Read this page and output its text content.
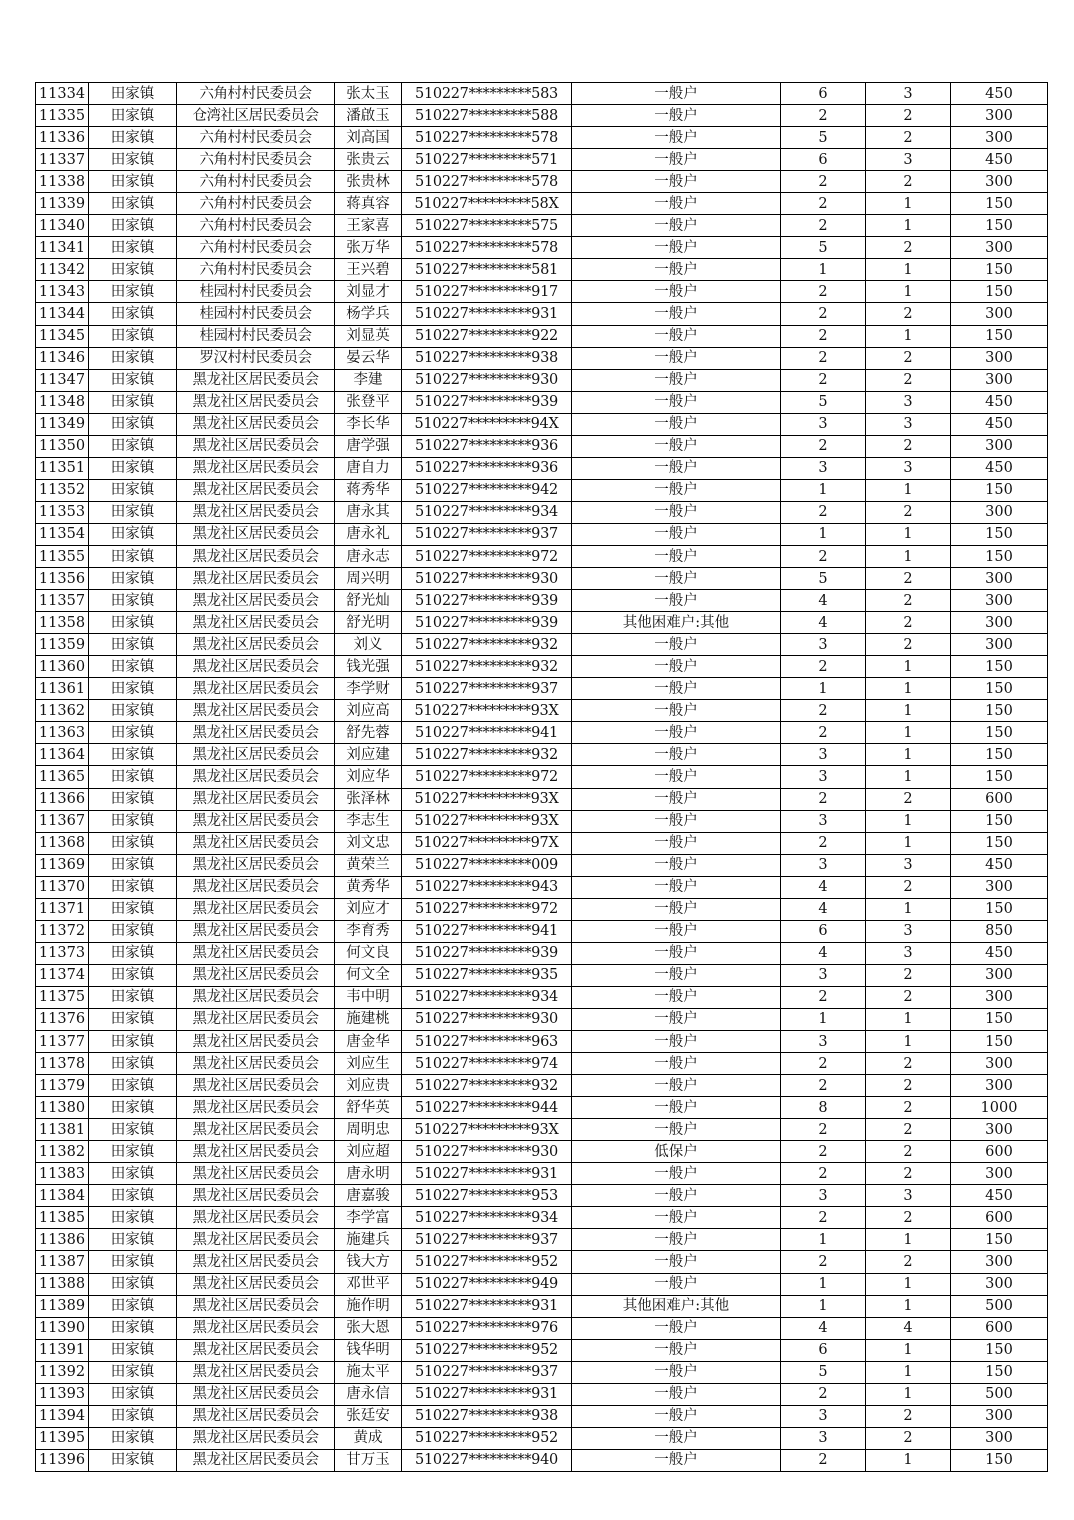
11334	田家镇	六角村村民委员会	张太玉	510227*********583	一般户	6	3	450
11335	田家镇	仓湾社区居民委员会	潘啟玉	510227*********588	一般户	2	2	300
11336	田家镇	六角村村民委员会	刘高国	510227*********578	一般户	5	2	300
11337	田家镇	六角村村民委员会	张贵云	510227*********571	一般户	6	3	450
11338	田家镇	六角村村民委员会	张贵林	510227*********578	一般户	2	2	300
11339	田家镇	六角村村民委员会	蒋真容	510227*********58X	一般户	2	1	150
11340	田家镇	六角村村民委员会	王家喜	510227*********575	一般户	2	1	150
11341	田家镇	六角村村民委员会	张万华	510227*********578	一般户	5	2	300
11342	田家镇	六角村村民委员会	王兴碧	510227*********581	一般户	1	1	150
11343	田家镇	桂园村村民委员会	刘显才	510227*********917	一般户	2	1	150
11344	田家镇	桂园村村民委员会	杨学兵	510227*********931	一般户	2	2	300
11345	田家镇	桂园村村民委员会	刘显英	510227*********922	一般户	2	1	150
11346	田家镇	罗汉村村民委员会	晏云华	510227*********938	一般户	2	2	300
11347	田家镇	黑龙社区居民委员会	李建	510227*********930	一般户	2	2	300
11348	田家镇	黑龙社区居民委员会	张登平	510227*********939	一般户	5	3	450
11349	田家镇	黑龙社区居民委员会	李长华	510227*********94X	一般户	3	3	450
11350	田家镇	黑龙社区居民委员会	唐学强	510227*********936	一般户	2	2	300
11351	田家镇	黑龙社区居民委员会	唐自力	510227*********936	一般户	3	3	450
11352	田家镇	黑龙社区居民委员会	蒋秀华	510227*********942	一般户	1	1	150
11353	田家镇	黑龙社区居民委员会	唐永其	510227*********934	一般户	2	2	300
11354	田家镇	黑龙社区居民委员会	唐永礼	510227*********937	一般户	1	1	150
11355	田家镇	黑龙社区居民委员会	唐永志	510227*********972	一般户	2	1	150
11356	田家镇	黑龙社区居民委员会	周兴明	510227*********930	一般户	5	2	300
11357	田家镇	黑龙社区居民委员会	舒光灿	510227*********939	一般户	4	2	300
11358	田家镇	黑龙社区居民委员会	舒光明	510227*********939	其他困难户:其他	4	2	300
11359	田家镇	黑龙社区居民委员会	刘义	510227*********932	一般户	3	2	300
11360	田家镇	黑龙社区居民委员会	钱光强	510227*********932	一般户	2	1	150
11361	田家镇	黑龙社区居民委员会	李学财	510227*********937	一般户	1	1	150
11362	田家镇	黑龙社区居民委员会	刘应高	510227*********93X	一般户	2	1	150
11363	田家镇	黑龙社区居民委员会	舒先蓉	510227*********941	一般户	2	1	150
11364	田家镇	黑龙社区居民委员会	刘应建	510227*********932	一般户	3	1	150
11365	田家镇	黑龙社区居民委员会	刘应华	510227*********972	一般户	3	1	150
11366	田家镇	黑龙社区居民委员会	张泽林	510227*********93X	一般户	2	2	600
11367	田家镇	黑龙社区居民委员会	李志生	510227*********93X	一般户	3	1	150
11368	田家镇	黑龙社区居民委员会	刘文忠	510227*********97X	一般户	2	1	150
11369	田家镇	黑龙社区居民委员会	黄荣兰	510227*********009	一般户	3	3	450
11370	田家镇	黑龙社区居民委员会	黄秀华	510227*********943	一般户	4	2	300
11371	田家镇	黑龙社区居民委员会	刘应才	510227*********972	一般户	4	1	150
11372	田家镇	黑龙社区居民委员会	李育秀	510227*********941	一般户	6	3	850
11373	田家镇	黑龙社区居民委员会	何文良	510227*********939	一般户	4	3	450
11374	田家镇	黑龙社区居民委员会	何文全	510227*********935	一般户	3	2	300
11375	田家镇	黑龙社区居民委员会	韦中明	510227*********934	一般户	2	2	300
11376	田家镇	黑龙社区居民委员会	施建桃	510227*********930	一般户	1	1	150
11377	田家镇	黑龙社区居民委员会	唐金华	510227*********963	一般户	3	1	150
11378	田家镇	黑龙社区居民委员会	刘应生	510227*********974	一般户	2	2	300
11379	田家镇	黑龙社区居民委员会	刘应贵	510227*********932	一般户	2	2	300
11380	田家镇	黑龙社区居民委员会	舒华英	510227*********944	一般户	8	2	1000
11381	田家镇	黑龙社区居民委员会	周明忠	510227*********93X	一般户	2	2	300
11382	田家镇	黑龙社区居民委员会	刘应超	510227*********930	低保户	2	2	600
11383	田家镇	黑龙社区居民委员会	唐永明	510227*********931	一般户	2	2	300
11384	田家镇	黑龙社区居民委员会	唐嘉骏	510227*********953	一般户	3	3	450
11385	田家镇	黑龙社区居民委员会	李学富	510227*********934	一般户	2	2	600
11386	田家镇	黑龙社区居民委员会	施建兵	510227*********937	一般户	1	1	150
11387	田家镇	黑龙社区居民委员会	钱大方	510227*********952	一般户	2	2	300
11388	田家镇	黑龙社区居民委员会	邓世平	510227*********949	一般户	1	1	300
11389	田家镇	黑龙社区居民委员会	施作明	510227*********931	其他困难户:其他	1	1	500
11390	田家镇	黑龙社区居民委员会	张大恩	510227*********976	一般户	4	4	600
11391	田家镇	黑龙社区居民委员会	钱华明	510227*********952	一般户	6	1	150
11392	田家镇	黑龙社区居民委员会	施太平	510227*********937	一般户	5	1	150
11393	田家镇	黑龙社区居民委员会	唐永信	510227*********931	一般户	2	1	500
11394	田家镇	黑龙社区居民委员会	张廷安	510227*********938	一般户	3	2	300
11395	田家镇	黑龙社区居民委员会	黄成	510227*********952	一般户	3	2	300
11396	田家镇	黑龙社区居民委员会	甘万玉	510227*********940	一般户	2	1	150
